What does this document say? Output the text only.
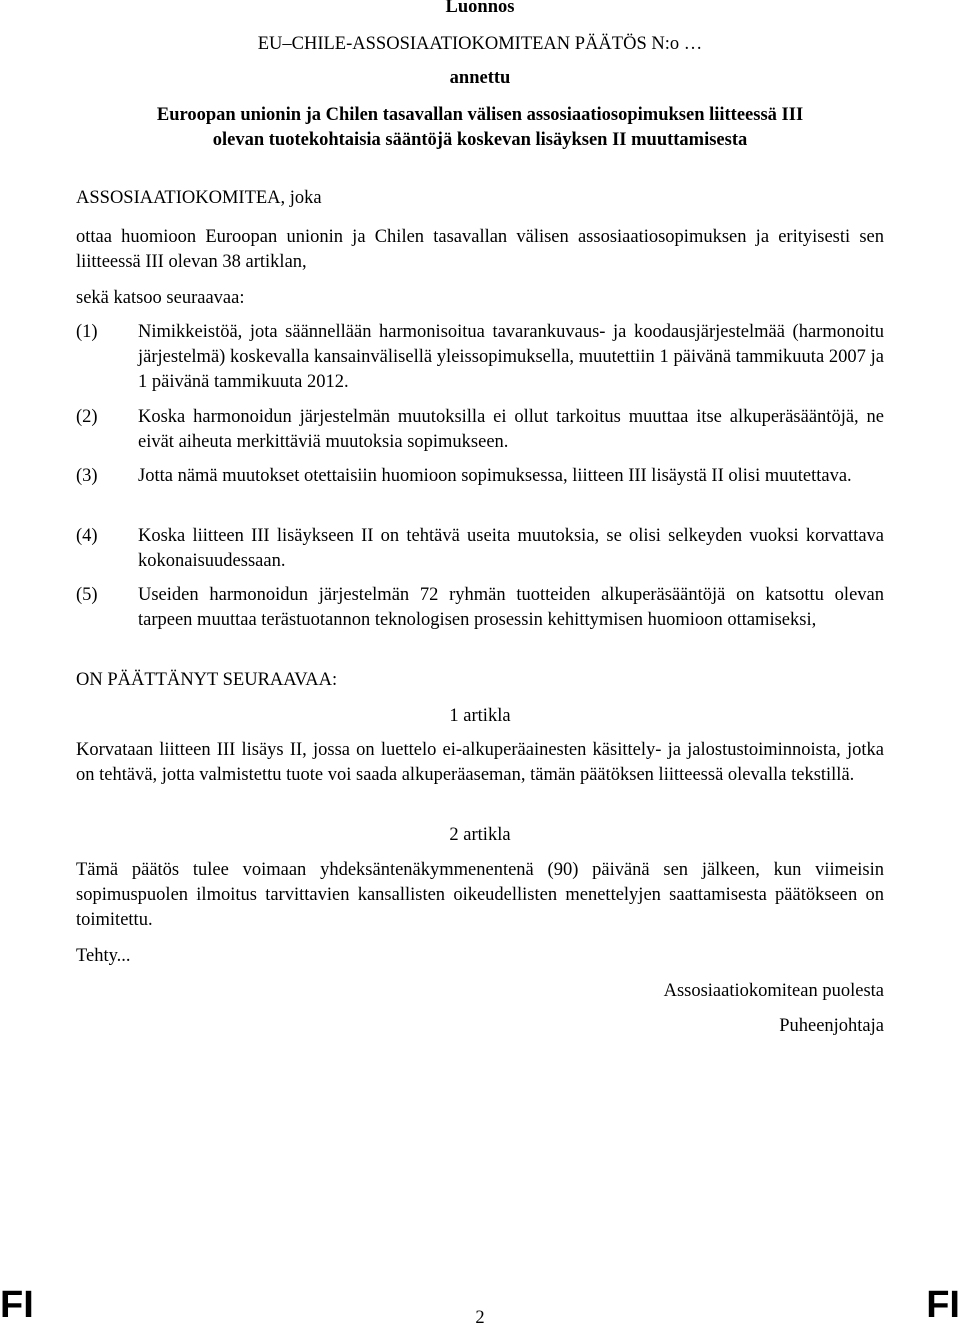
Luonnos
EU–CHILE-ASSOSIAATIOKOMITEAN PÄÄTÖS N:o …
annettu
Euroopan unionin ja Chilen tasavallan välisen assosiaatiosopimuksen liitteessä III
olevan tuotekohtaisia sääntöjä koskevan lisäyksen II muuttamisesta
ASSOSIAATIOKOMITEA, joka
ottaa huomioon Euroopan unionin ja Chilen tasavallan välisen assosiaatiosopimuksen ja erityisesti sen liitteessä III olevan 38 artiklan,
sekä katsoo seuraavaa:
(1) Nimikkeistöä, jota säännellään harmonisoitua tavarankuvaus- ja koodausjärjestelmää (harmonoitu järjestelmä) koskevalla kansainvälisellä yleissopimuksella, muutettiin 1 päivänä tammikuuta 2007 ja 1 päivänä tammikuuta 2012.
(2) Koska harmonoidun järjestelmän muutoksilla ei ollut tarkoitus muuttaa itse alkuperäsääntöjä, ne eivät aiheuta merkittäviä muutoksia sopimukseen.
(3) Jotta nämä muutokset otettaisiin huomioon sopimuksessa, liitteen III lisäystä II olisi muutettava.
(4) Koska liitteen III lisäykseen II on tehtävä useita muutoksia, se olisi selkeyden vuoksi korvattava kokonaisuudessaan.
(5) Useiden harmonoidun järjestelmän 72 ryhmän tuotteiden alkuperäsääntöjä on katsottu olevan tarpeen muuttaa terästuotannon teknologisen prosessin kehittymisen huomioon ottamiseksi,
ON PÄÄTTÄNYT SEURAAVAA:
1 artikla
Korvataan liitteen III lisäys II, jossa on luettelo ei-alkuperäainesten käsittely- ja jalostustoiminnoista, jotka on tehtävä, jotta valmistettu tuote voi saada alkuperäaseman, tämän päätöksen liitteessä olevalla tekstillä.
2 artikla
Tämä päätös tulee voimaan yhdeksäntenäkymmenentenä (90) päivänä sen jälkeen, kun viimeisin sopimuspuolen ilmoitus tarvittavien kansallisten oikeudellisten menettelyjen saattamisesta päätökseen on toimitettu.
Tehty...
Assosiaatiokomitean puolesta
Puheenjohtaja
FI	2	FI
